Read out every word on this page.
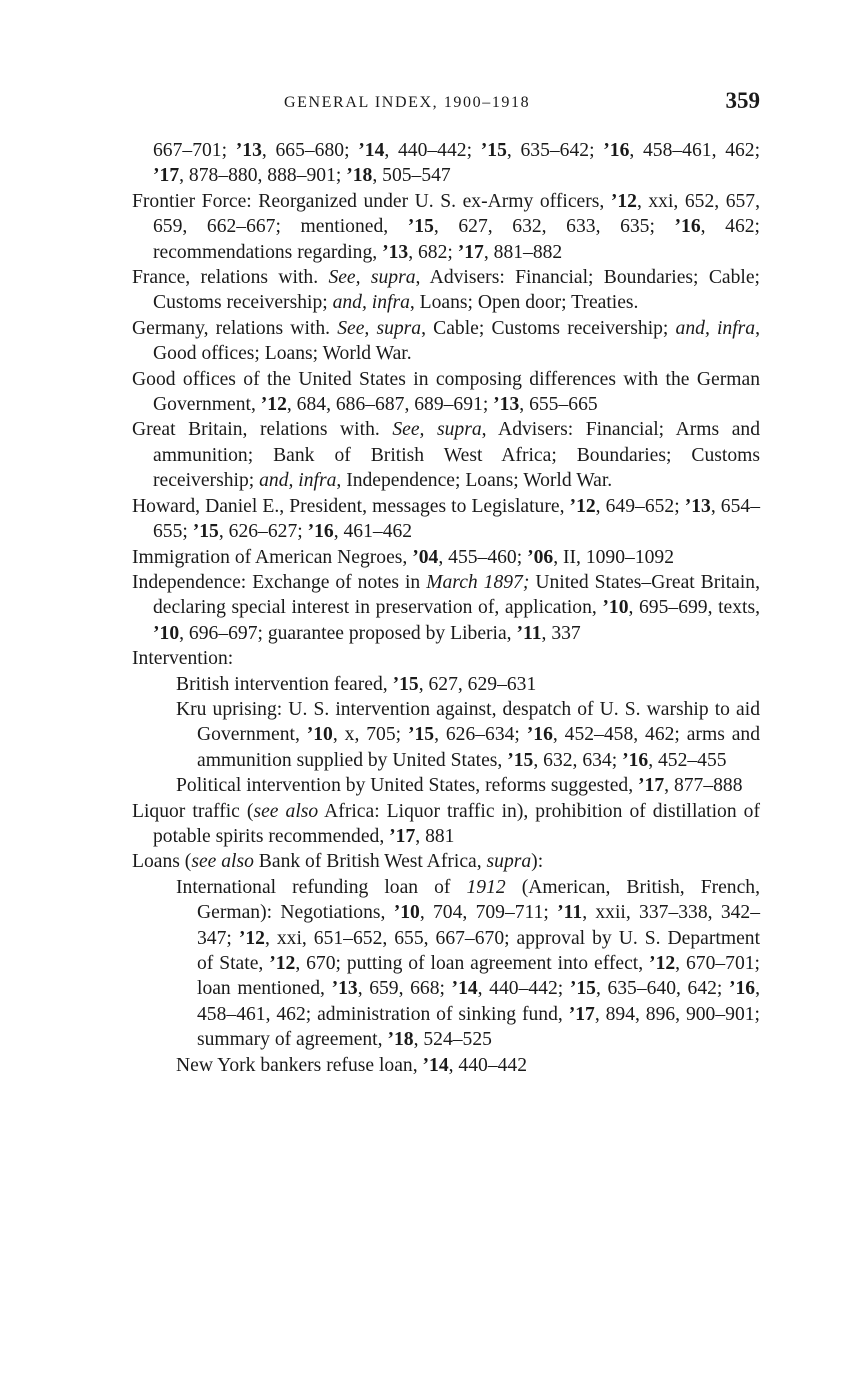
GENERAL INDEX, 1900–1918	359
667–701; ’13, 665–680; ’14, 440–442; ’15, 635–642; ’16, 458–461, 462; ’17, 878–880, 888–901; ’18, 505–547
Frontier Force: Reorganized under U. S. ex-Army officers, ’12, xxi, 652, 657, 659, 662–667; mentioned, ’15, 627, 632, 633, 635; ’16, 462; recommendations regarding, ’13, 682; ’17, 881–882
France, relations with. See, supra, Advisers: Financial; Boundaries; Cable; Customs receivership; and, infra, Loans; Open door; Treaties.
Germany, relations with. See, supra, Cable; Customs receivership; and, infra, Good offices; Loans; World War.
Good offices of the United States in composing differences with the German Government, ’12, 684, 686–687, 689–691; ’13, 655–665
Great Britain, relations with. See, supra, Advisers: Financial; Arms and ammunition; Bank of British West Africa; Boundaries; Customs receivership; and, infra, Independence; Loans; World War.
Howard, Daniel E., President, messages to Legislature, ’12, 649–652; ’13, 654–655; ’15, 626–627; ’16, 461–462
Immigration of American Negroes, ’04, 455–460; ’06, II, 1090–1092
Independence: Exchange of notes in March 1897; United States–Great Britain, declaring special interest in preservation of, application, ’10, 695–699, texts, ’10, 696–697; guarantee proposed by Liberia, ’11, 337
Intervention:
British intervention feared, ’15, 627, 629–631
Kru uprising: U. S. intervention against, despatch of U. S. warship to aid Government, ’10, x, 705; ’15, 626–634; ’16, 452–458, 462; arms and ammunition supplied by United States, ’15, 632, 634; ’16, 452–455
Political intervention by United States, reforms suggested, ’17, 877–888
Liquor traffic (see also Africa: Liquor traffic in), prohibition of distillation of potable spirits recommended, ’17, 881
Loans (see also Bank of British West Africa, supra):
International refunding loan of 1912 (American, British, French, German): Negotiations, ’10, 704, 709–711; ’11, xxii, 337–338, 342–347; ’12, xxi, 651–652, 655, 667–670; approval by U. S. Department of State, ’12, 670; putting of loan agreement into effect, ’12, 670–701; loan mentioned, ’13, 659, 668; ’14, 440–442; ’15, 635–640, 642; ’16, 458–461, 462; administration of sinking fund, ’17, 894, 896, 900–901; summary of agreement, ’18, 524–525
New York bankers refuse loan, ’14, 440–442
